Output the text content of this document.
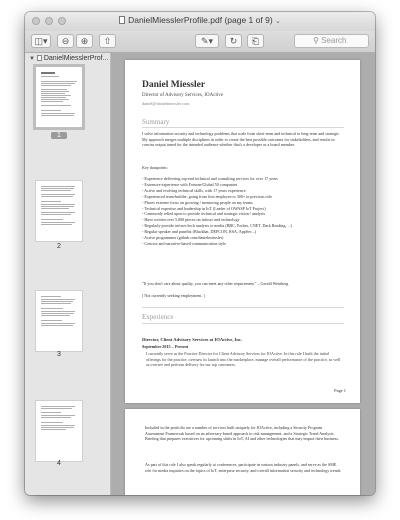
DanielMiesslerProfile.pdf (page 1 of 9) ⌄
◫▾	⊖	⊕	⇧	✎▾	↻	⎗	⚲ Search
▼ DanielMiesslerProf...
1
2
3
4
Daniel Miessler
Director of Advisory Services, IOActive
daniel@danielmiessler.com
Summary
I solve information security and technology problems that scale from short-term and technical to long-term and strategic. My approach merges multiple disciplines in order to create the best possible outcomes for stakeholders, and results in concise output tuned for the intended audience whether that's a developer or a board member.
Key datapoints:
- Experience delivering top-end technical and consulting services for over 17 years
- Extensive experience with Fortune/Global 50 companies
- Active and evolving technical skills, with 17 years experience
- Experienced team-builder, going from first employee to 300+ in previous role
- Places extreme focus on growing / mentoring people on my teams
- Technical expertise and leadership in IoT (Leader of OWASP IoT Project)
- Commonly relied upon to provide technical and strategic vision / analysis
- Have written over 5,000 pieces on infosec and technology
- Regularly provide infosec/tech analysis to media (BBC, Forbes, CNET, Dark Reading, ...)
- Regular speaker and panelist (Blackhat, DEFCON, RSA, AppSec...)
- Active programmer (github.com/danielmiessler)
- Concise and narrative-based communication style
"If you don't care about quality, you can meet any other requirement." – Gerald Weinberg
[ Not currently seeking employment. ]
Experience
Director, Client Advisory Services at IOActive, Inc.
September 2015 – Present
I currently serve as the Practice Director for Client Advisory Services for IOActive. In this role I built the initial offerings for the practice, oversaw its launch into the marketplace, manage overall performance of the practice, as well as oversee and perform delivery for our top customers.
Page 1
Included in the portfolio are a number of services built uniquely for IOActive, including a Security Program Assessment Framework based on an adversary-based approach to risk management, and a Strategic Trend Analysis Briefing that prepares executives for upcoming shifts in IoT, AI and other technologies that may impact their business.
As part of this role I also speak regularly at conferences, participate in various industry panels, and serve as the SME role for media inquiries on the topics of IoT, enterprise security, and overall information security and technology trends.
